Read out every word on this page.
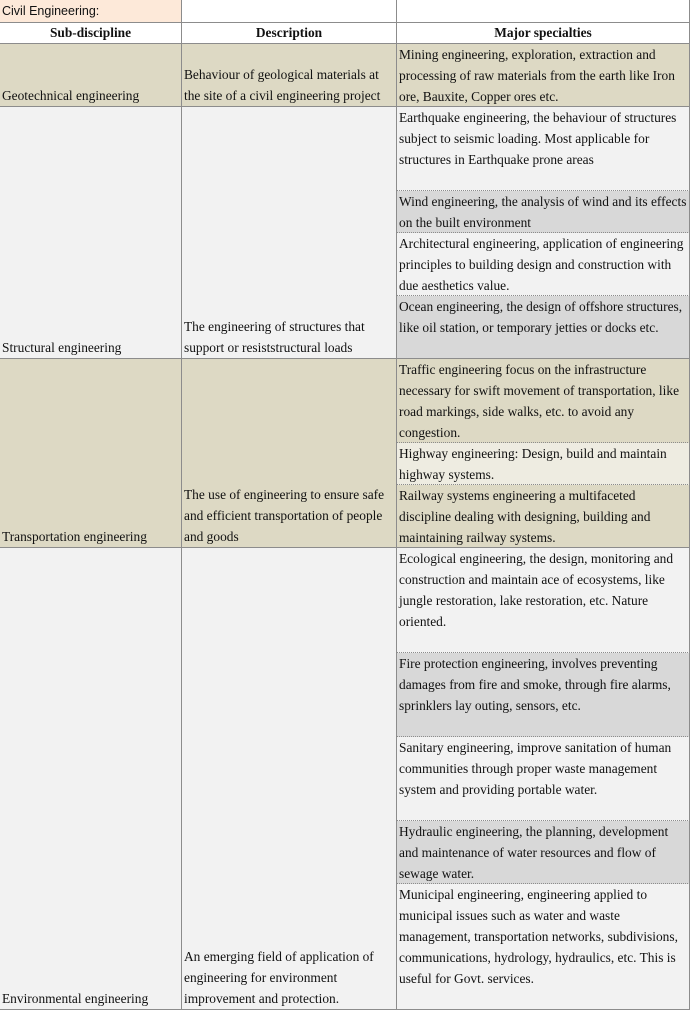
Civil Engineering:
Sub-discipline	Description	Major specialties
Geotechnical engineering
Behaviour of geological materials at the site of a civil engineering project
Mining engineering, exploration, extraction and processing of raw materials from the earth like Iron ore, Bauxite, Copper ores etc.
Structural engineering
The engineering of structures that support or resiststructural loads
Earthquake engineering, the behaviour of structures subject to seismic loading. Most applicable for structures in Earthquake prone areas
Wind engineering, the analysis of wind and its effects on the built environment
Architectural engineering, application of engineering principles to building design and construction with due aesthetics value.
Ocean engineering, the design of offshore structures, like oil station, or temporary jetties or docks etc.
Transportation engineering
The use of engineering to ensure safe and efficient transportation of people and goods
Traffic engineering focus on the infrastructure necessary for swift movement of transportation, like road markings, side walks, etc. to avoid any congestion.
Highway engineering: Design, build and maintain highway systems.
Railway systems engineering a multifaceted discipline dealing with designing, building and maintaining railway systems.
Environmental engineering
An emerging field of application of engineering for environment improvement and protection.
Ecological engineering, the design, monitoring and construction and maintain ace of ecosystems, like jungle restoration, lake restoration, etc. Nature oriented.
Fire protection engineering, involves preventing damages from fire and smoke, through fire alarms, sprinklers lay outing, sensors, etc.
Sanitary engineering, improve sanitation of human communities through proper waste management system and providing portable water.
Hydraulic engineering, the planning, development and maintenance of water resources and flow of sewage water.
Municipal engineering, engineering applied to municipal issues such as water and waste management, transportation networks, subdivisions, communications, hydrology, hydraulics, etc. This is useful for Govt. services.
